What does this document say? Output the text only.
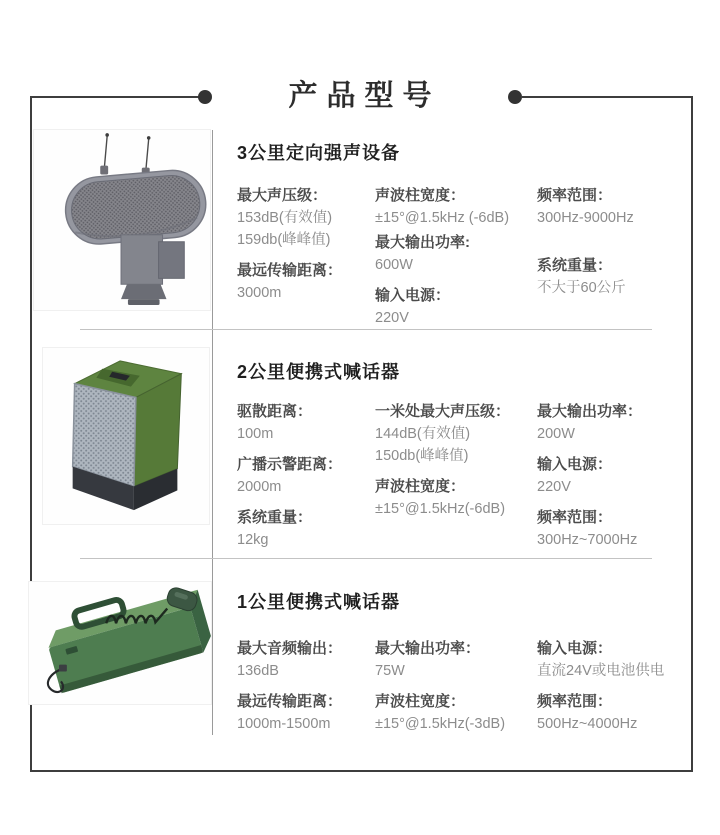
产品型号
3公里定向强声设备
最大声压级：
153dB(有效值)
159db(峰峰值)
最远传输距离：
3000m
声波柱宽度：
±15°@1.5kHz (-6dB)
最大输出功率:
600W
输入电源：
220V
频率范围：
300Hz-9000Hz
系统重量：
不大于60公斤
2公里便携式喊话器
驱散距离：
100m
广播示警距离：
2000m
系统重量：
12kg
一米处最大声压级：
144dB(有效值)
150db(峰峰值)
声波柱宽度：
±15°@1.5kHz(-6dB)
最大输出功率：
200W
输入电源：
220V
频率范围：
300Hz~7000Hz
1公里便携式喊话器
最大音频输出：
136dB
最远传输距离：
1000m-1500m
最大输出功率：
75W
声波柱宽度：
±15°@1.5kHz(-3dB)
输入电源：
直流24V或电池供电
频率范围：
500Hz~4000Hz
